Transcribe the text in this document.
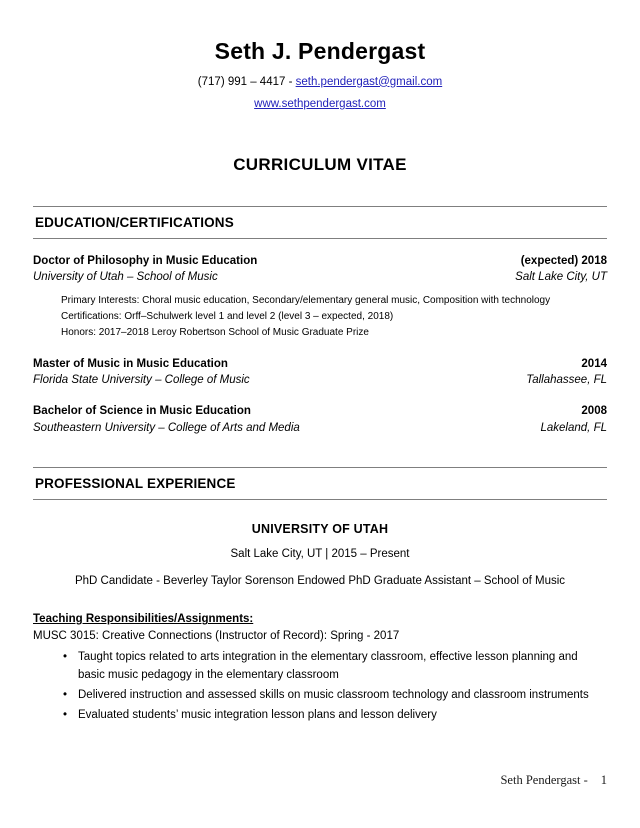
Seth J. Pendergast
(717) 991 – 4417 - seth.pendergast@gmail.com
www.sethpendergast.com
CURRICULUM VITAE
EDUCATION/CERTIFICATIONS
Doctor of Philosophy in Music Education	(expected) 2018
University of Utah – School of Music	Salt Lake City, UT
Primary Interests: Choral music education, Secondary/elementary general music, Composition with technology
Certifications: Orff–Schulwerk level 1 and level 2 (level 3 – expected, 2018)
Honors: 2017–2018 Leroy Robertson School of Music Graduate Prize
Master of Music in Music Education	2014
Florida State University – College of Music	Tallahassee, FL
Bachelor of Science in Music Education	2008
Southeastern University – College of Arts and Media	Lakeland, FL
PROFESSIONAL EXPERIENCE
UNIVERSITY OF UTAH
Salt Lake City, UT | 2015 – Present
PhD Candidate - Beverley Taylor Sorenson Endowed PhD Graduate Assistant – School of Music
Teaching Responsibilities/Assignments:
MUSC 3015: Creative Connections (Instructor of Record): Spring - 2017
• Taught topics related to arts integration in the elementary classroom, effective lesson planning and basic music pedagogy in the elementary classroom
• Delivered instruction and assessed skills on music classroom technology and classroom instruments
• Evaluated students’ music integration lesson plans and lesson delivery
Seth Pendergast - 1
